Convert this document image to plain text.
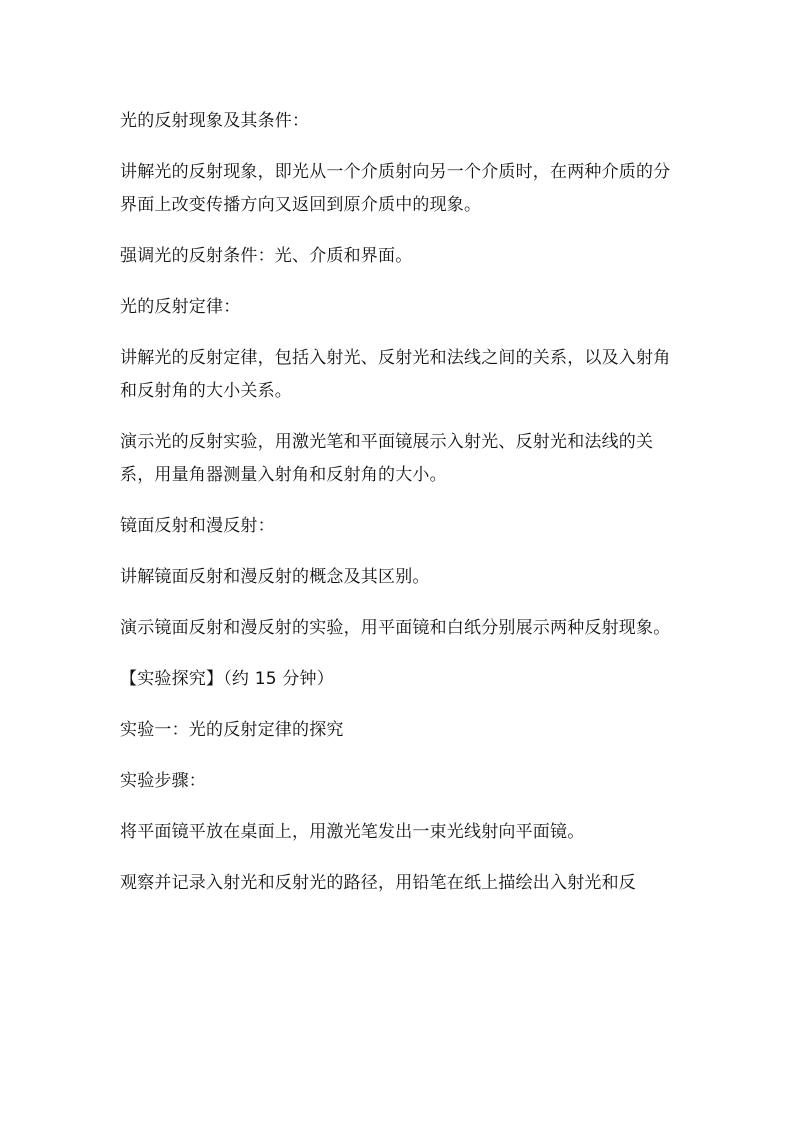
光的反射现象及其条件：

讲解光的反射现象，即光从一个介质射向另一个介质时，在两种介质的分界面上改变传播方向又返回到原介质中的现象。

强调光的反射条件：光、介质和界面。

光的反射定律：

讲解光的反射定律，包括入射光、反射光和法线之间的关系，以及入射角和反射角的大小关系。

演示光的反射实验，用激光笔和平面镜展示入射光、反射光和法线的关系，用量角器测量入射角和反射角的大小。

镜面反射和漫反射：

讲解镜面反射和漫反射的概念及其区别。

演示镜面反射和漫反射的实验，用平面镜和白纸分别展示两种反射现象。

【实验探究】（约 15 分钟）

实验一：光的反射定律的探究

实验步骤：

将平面镜平放在桌面上，用激光笔发出一束光线射向平面镜。

观察并记录入射光和反射光的路径，用铅笔在纸上描绘出入射光和反
